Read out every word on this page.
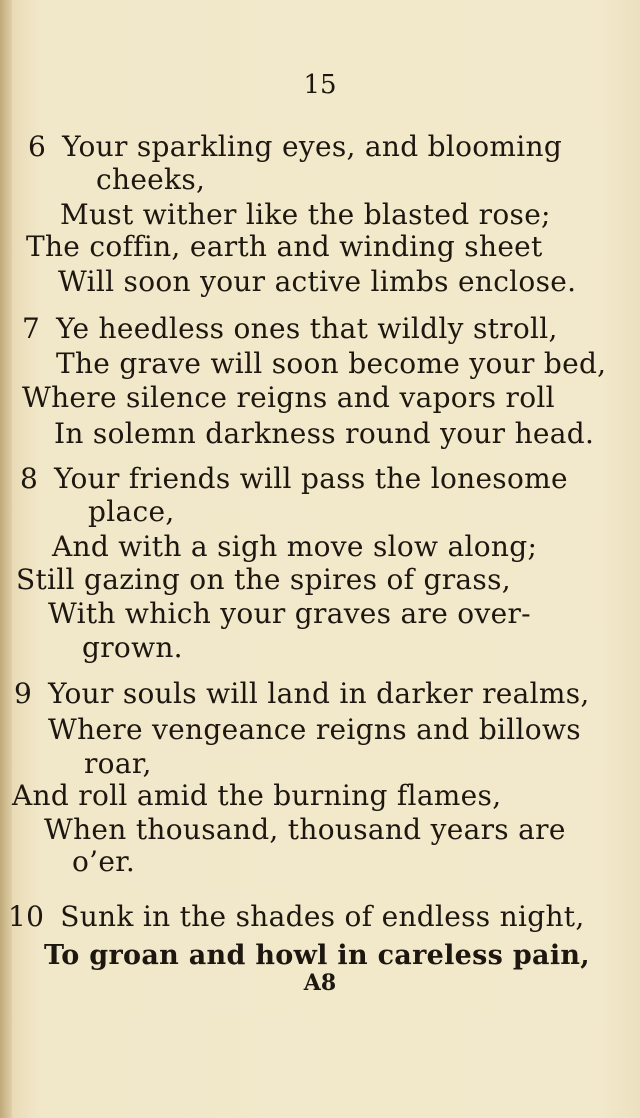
15
6 Your sparkling eyes, and blooming
cheeks,
Must wither like the blasted rose;
The coffin, earth and winding sheet
Will soon your active limbs enclose.
7 Ye heedless ones that wildly stroll,
The grave will soon become your bed,
Where silence reigns and vapors roll
In solemn darkness round your head.
8 Your friends will pass the lonesome
place,
And with a sigh move slow along;
Still gazing on the spires of grass,
With which your graves are over-
grown.
9 Your souls will land in darker realms,
Where vengeance reigns and billows
roar,
And roll amid the burning flames,
When thousand, thousand years are
o’er.
10 Sunk in the shades of endless night,
To groan and howl in careless pain,
A8
